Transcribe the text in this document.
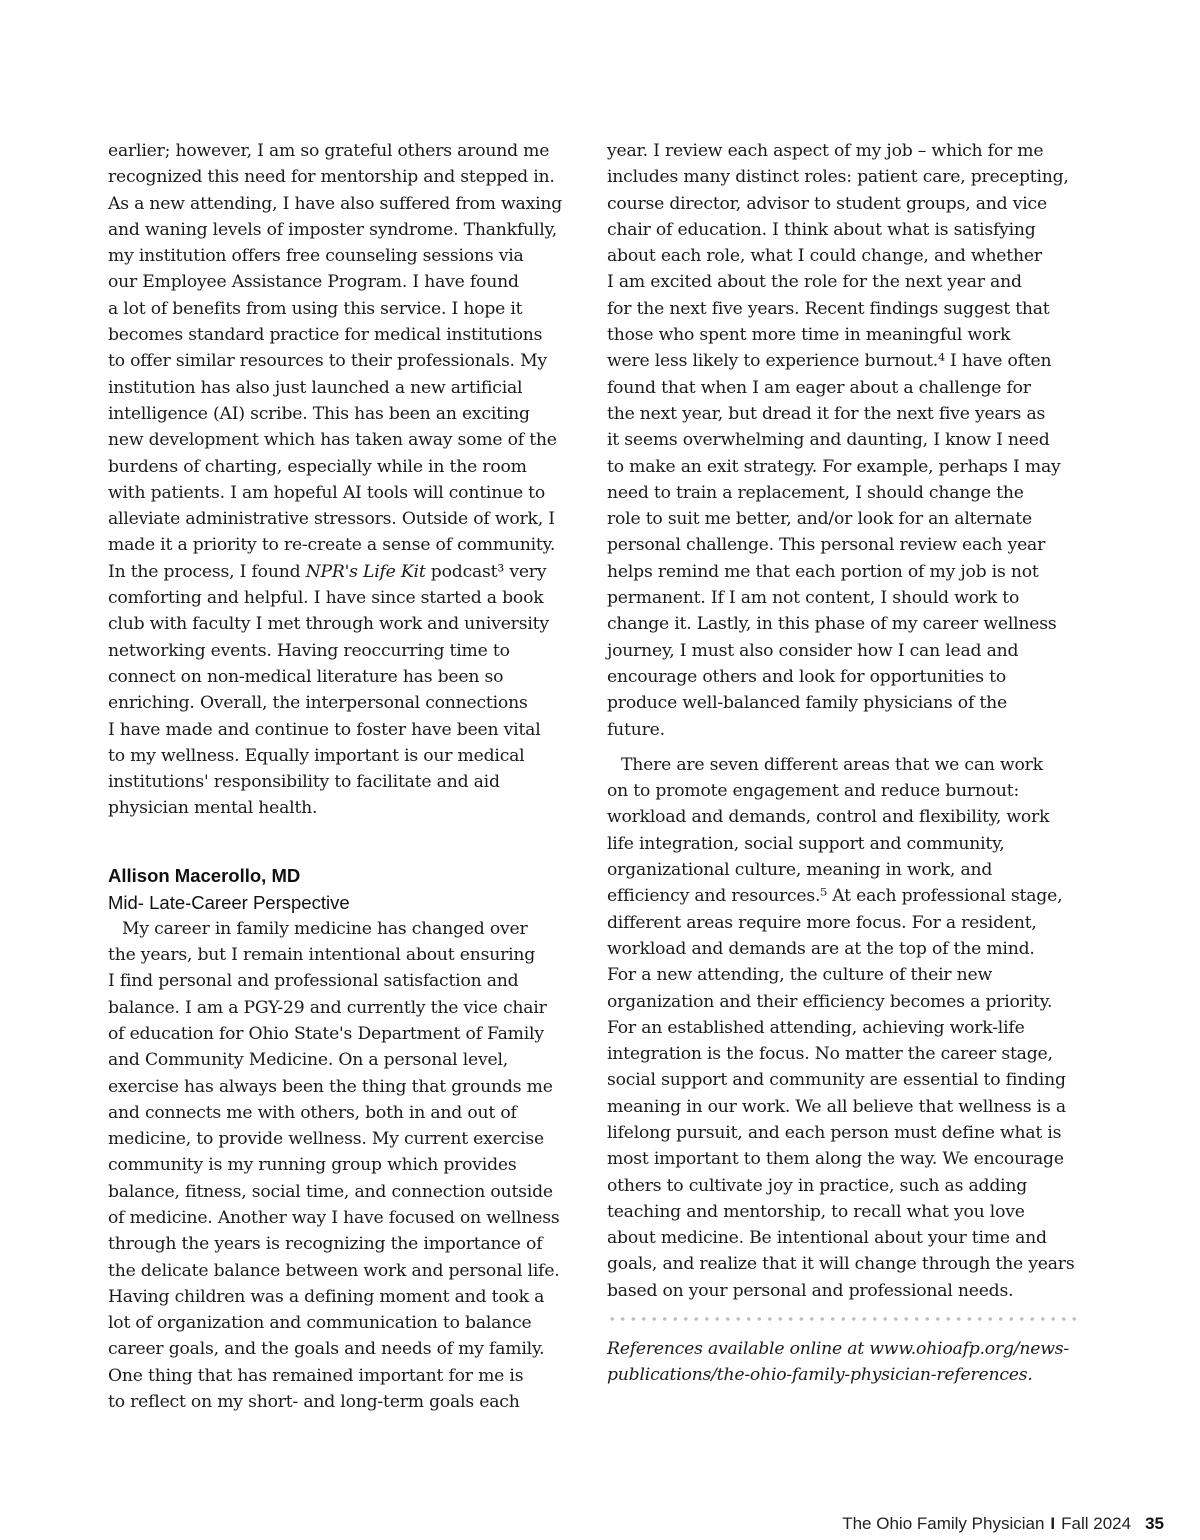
earlier; however, I am so grateful others around me
recognized this need for mentorship and stepped in.
As a new attending, I have also suffered from waxing
and waning levels of imposter syndrome. Thankfully,
my institution offers free counseling sessions via
our Employee Assistance Program. I have found
a lot of benefits from using this service. I hope it
becomes standard practice for medical institutions
to offer similar resources to their professionals. My
institution has also just launched a new artificial
intelligence (AI) scribe. This has been an exciting
new development which has taken away some of the
burdens of charting, especially while in the room
with patients. I am hopeful AI tools will continue to
alleviate administrative stressors. Outside of work, I
made it a priority to re-create a sense of community.
In the process, I found NPR's Life Kit podcast³ very
comforting and helpful. I have since started a book
club with faculty I met through work and university
networking events. Having reoccurring time to
connect on non-medical literature has been so
enriching. Overall, the interpersonal connections
I have made and continue to foster have been vital
to my wellness. Equally important is our medical
institutions' responsibility to facilitate and aid
physician mental health.
Allison Macerollo, MD
Mid- Late-Career Perspective
My career in family medicine has changed over
the years, but I remain intentional about ensuring
I find personal and professional satisfaction and
balance. I am a PGY-29 and currently the vice chair
of education for Ohio State's Department of Family
and Community Medicine. On a personal level,
exercise has always been the thing that grounds me
and connects me with others, both in and out of
medicine, to provide wellness. My current exercise
community is my running group which provides
balance, fitness, social time, and connection outside
of medicine. Another way I have focused on wellness
through the years is recognizing the importance of
the delicate balance between work and personal life.
Having children was a defining moment and took a
lot of organization and communication to balance
career goals, and the goals and needs of my family.
One thing that has remained important for me is
to reflect on my short- and long-term goals each
year. I review each aspect of my job – which for me
includes many distinct roles: patient care, precepting,
course director, advisor to student groups, and vice
chair of education. I think about what is satisfying
about each role, what I could change, and whether
I am excited about the role for the next year and
for the next five years. Recent findings suggest that
those who spent more time in meaningful work
were less likely to experience burnout.⁴ I have often
found that when I am eager about a challenge for
the next year, but dread it for the next five years as
it seems overwhelming and daunting, I know I need
to make an exit strategy. For example, perhaps I may
need to train a replacement, I should change the
role to suit me better, and/or look for an alternate
personal challenge. This personal review each year
helps remind me that each portion of my job is not
permanent. If I am not content, I should work to
change it. Lastly, in this phase of my career wellness
journey, I must also consider how I can lead and
encourage others and look for opportunities to
produce well-balanced family physicians of the
future.
There are seven different areas that we can work
on to promote engagement and reduce burnout:
workload and demands, control and flexibility, work
life integration, social support and community,
organizational culture, meaning in work, and
efficiency and resources.⁵ At each professional stage,
different areas require more focus. For a resident,
workload and demands are at the top of the mind.
For a new attending, the culture of their new
organization and their efficiency becomes a priority.
For an established attending, achieving work-life
integration is the focus. No matter the career stage,
social support and community are essential to finding
meaning in our work. We all believe that wellness is a
lifelong pursuit, and each person must define what is
most important to them along the way. We encourage
others to cultivate joy in practice, such as adding
teaching and mentorship, to recall what you love
about medicine. Be intentional about your time and
goals, and realize that it will change through the years
based on your personal and professional needs.
References available online at www.ohioafp.org/news-
publications/the-ohio-family-physician-references.
The Ohio Family Physician I Fall 2024 35
